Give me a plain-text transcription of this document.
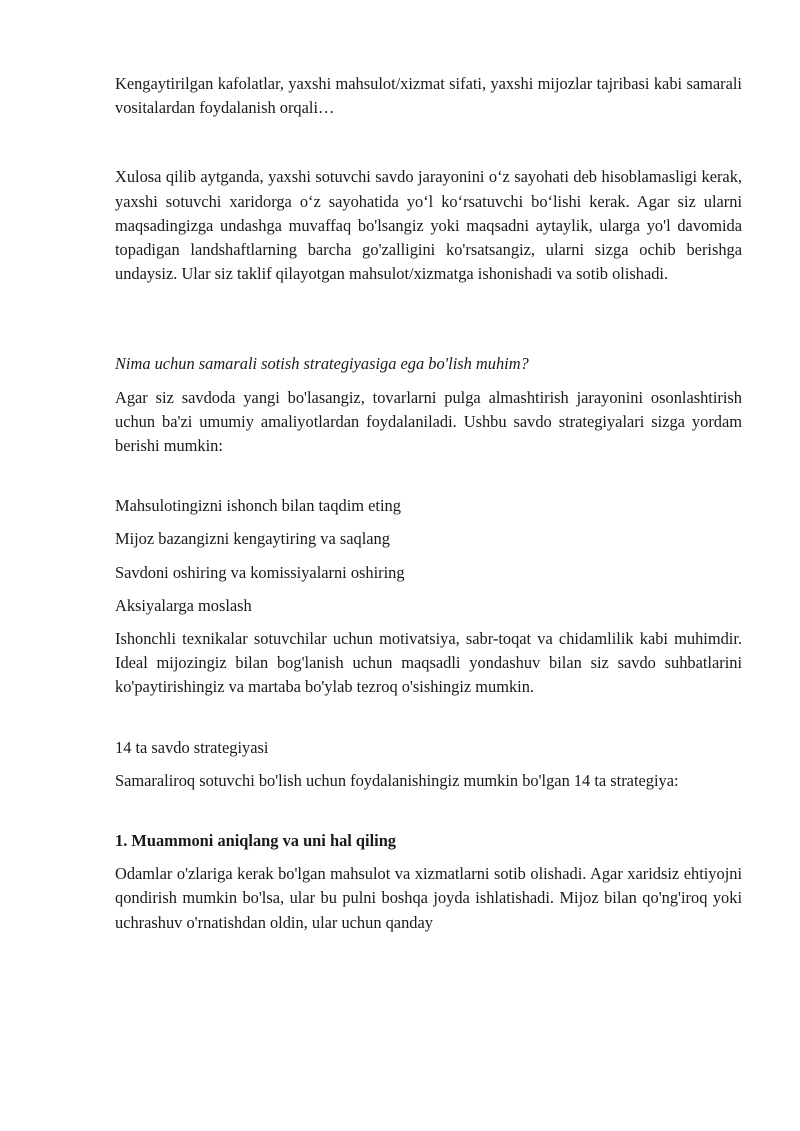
Kengaytirilgan kafolatlar, yaxshi mahsulot/xizmat sifati, yaxshi mijozlar tajribasi kabi samarali vositalardan foydalanish orqali…

Xulosa qilib aytganda, yaxshi sotuvchi savdo jarayonini o‘z sayohati deb hisoblamasligi kerak, yaxshi sotuvchi xaridorga o‘z sayohatida yo‘l ko‘rsatuvchi bo‘lishi kerak. Agar siz ularni maqsadingizga undashga muvaffaq bo'lsangiz yoki maqsadni aytaylik, ularga yo'l davomida topadigan landshaftlarning barcha go'zalligini ko'rsatsangiz, ularni sizga ochib berishga undaysiz. Ular siz taklif qilayotgan mahsulot/xizmatga ishonishadi va sotib olishadi.

Nima uchun samarali sotish strategiyasiga ega bo'lish muhim?

Agar siz savdoda yangi bo'lasangiz, tovarlarni pulga almashtirish jarayonini osonlashtirish uchun ba'zi umumiy amaliyotlardan foydalaniladi. Ushbu savdo strategiyalari sizga yordam berishi mumkin:

Mahsulotingizni ishonch bilan taqdim eting

Mijoz bazangizni kengaytiring va saqlang

Savdoni oshiring va komissiyalarni oshiring

Aksiyalarga moslash

Ishonchli texnikalar sotuvchilar uchun motivatsiya, sabr-toqat va chidamlilik kabi muhimdir. Ideal mijozingiz bilan bog'lanish uchun maqsadli yondashuv bilan siz savdo suhbatlarini ko'paytirishingiz va martaba bo'ylab tezroq o'sishingiz mumkin.

14 ta savdo strategiyasi

Samaraliroq sotuvchi bo'lish uchun foydalanishingiz mumkin bo'lgan 14 ta strategiya:

1. Muammoni aniqlang va uni hal qiling

Odamlar o'zlariga kerak bo'lgan mahsulot va xizmatlarni sotib olishadi. Agar xaridsiz ehtiyojni qondirish mumkin bo'lsa, ular bu pulni boshqa joyda ishlatishadi. Mijoz bilan qo'ng'iroq yoki uchrashuv o'rnatishdan oldin, ular uchun qanday
